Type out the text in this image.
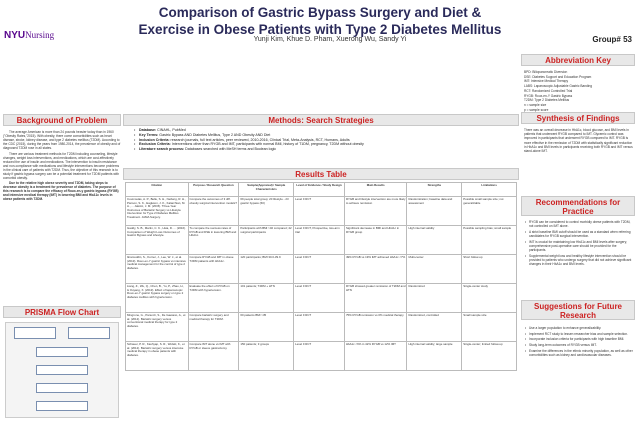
Comparison of Gastric Bypass Surgery and Diet &
Exercise in Obese Patients with Type 2 Diabetes Mellitus
NYUNursing	Yunji Kim, Khue D. Pham, Xuerong Wu, Sandy Yi	Group# 53
Background of Problem

The average American is more than 24 pounds heavier today than in 1960 ("Obesity Rates,"2015). With obesity, there come comorbidities such as heart disease, stroke, kidney disease, and type 2 diabetes mellitus (T2DM). According to the CDC (2015), during the years from 1980-2014, the prevalence of obesity and of diagnosed T2DM rose in all states.

There are various treatment methods for T2DM including counseling, lifestyle changes, weight loss interventions, and medications, which are cost-effectively reduced the use of insulin and medications. The intervention to insulin resistance and non-compliance with medications and lifestyle interventions become problems in the clinical care of patients with T2DM. Thus, the objective of this research is to study if gastric bypass surgery can be a potential treatment for T2DM patients with comorbid obesity.

Due to the relative high obese severity and T2DM, taking steps to decrease obesity is a treatment for prevalence of diabetes. The purpose of this research is to compare the efficacy of Roux-en-y gastric bypass (RYGB) and intensive medical therapy (IMT) in lowering BMI and HbA1c levels in obese patients with T2DM.

PRISMA Flow Chart
Methods: Search Strategies
• Database: CINAHL, PubMed
• Key Terms: Gastric Bypass AND Diabetes Mellitus, Type 2 AND Obesity AND Diet
• Inclusion Criteria: research journals, full text articles, peer reviewed, 2010-2016, Clinical Trial, Meta-Analysis, RCT, Humans, Adults
• Exclusion Criteria: Interventions other than RYGB and IMT, participants with normal BMI, history of T1DM, pregnancy, T2DM without obesity
• Literature search process: Databases searched with MeSH terms and Boolean logic
Results Table
Citation	Purpose / Research Question	Sample(Appraisal) / Sample Characteristics	Level of Evidence / Study Design	Main Results	Strengths	Limitations
Courcoulas, A. P., Belle, S. H., Neiberg, R. H., Pierson, S. K., Eagleton, J. K., Kalarchian, M. A., ... Jakicic, J. M. (2015). Three-Year Outcomes of Bariatric Surgery vs Lifestyle Intervention for Type 2 Diabetes Mellitus Treatment. JAMA Surgery.	Compare the outcomes of 3 diff. obesity surgical intervention models?	69 people total group; 20 lifestyle - 23 gastric bypass (60)	Level II RCT	RYGB and lifestyle intervention are more likely to achieve remission	Randomization; baseline data and assessment	Possible small sample size; not generalizable
Gaddy, S. B., Martin, C. K., Hsia, D. ... (2016). Comparison of Weight Loss Outcomes of Gastric Bypass and Lifestyle.	To compare the success rates of RYGB and DSE in lowering BMI and HbA1c.	Participants with BMI >40 compared; 42 surgical participants	Level II RCT, Prospective, two-arm trial	Significant decrease in BMI and HbA1c in RYGB group	High internal validity	Possible sampling bias; small sample
Ikramuddin, S., Korner, J., Lee, W. J., et al. (2013). Roux-en-Y gastric bypass vs intensive medical management for the control of type 2 diabetes.	Compare RYGB and IMT in obese T2DM patients with HbA1c.	120 participants; BMI 30.0-39.9	Level II RCT	49% RYGB vs 19% IMT achieved HbA1c <7%	Multi-center	Short follow-up
Liang, Z., Wu, Q., Chen, B., Yu, P., Zhao, H., & Ouyang, X. (2013). Effect of laparoscopic Roux-en-Y gastric bypass surgery on type 2 diabetes mellitus with hypertension.	Evaluate the effect of RYGB on T2DM with hypertension.	101 patients; T2DM + HTN	Level II RCT	RYGB showed greater remission of T2DM and HTN	Randomized	Single-center study
Mingrone, G., Panunzi, S., De Gaetano, A., et al. (2012). Bariatric surgery versus conventional medical therapy for type 2 diabetes.	Compare bariatric surgery and medical therapy for T2DM.	60 patients BMI >35	Level II RCT	75% RYGB remission vs 0% medical therapy	Randomized, controlled	Small sample size
Schauer, P. R., Kashyap, S. R., Wolski, K., et al. (2012). Bariatric surgery versus intensive medical therapy in obese patients with diabetes.	Compare IMT alone vs IMT with RYGB or sleeve gastrectomy.	150 patients; 3 groups	Level II RCT	HbA1c <6% in 42% RYGB vs 12% IMT	High internal validity; large sample	Single-center; limited follow-up
Abbreviation Key
BPD: Biliopancreatic Diversion
DSE: Diabetes Support and Education Program
IMT: Intensive Medical Therapy
LABS: Laparoscopic Adjustable Gastric Banding
RCT: Randomized Controlled Trial
RYGB: Roux-en-Y Gastric Bypass
T2DM: Type 2 Diabetes Mellitus
n = sample size
p = sample score
Synthesis of Findings
There was an overall decrease in HbA1c, blood glucose, and BMI levels in patients that underwent RYGB compared to IMT. Glycemic control was improved in participants that underwent RYGB compared to IMT. RYGB is more effective in the remission of T2DM with statistically significant reduction in HbA1c and BMI levels in participants receiving both RYGB and IMT versus stand-alone IMT.
Recommendations for Practice
• RYGB can be considered to control morbidly obese patients with T2DM, not controlled on IMT alone.
• A strict baseline BMI cutoff should be used as a standard when referring candidates for RYGB surgical intervention.
• IMT is crucial for maintaining low HbA1c and BMI levels after surgery; comprehensive post-operative care should be provided for the participants.
• Supplemental weight loss and healthy lifestyle intervention should be provided to patients who undergo surgery that did not achieve significant changes in their HbA1c and BMI levels.
Suggestions for Future Research
• Use a larger population to enhance generalizability.
• Implement RCT study to lessen researcher bias and sample selection.
• Incorporate inclusion criteria for participants with high baseline BMI.
• Study long-term outcomes of RYGB versus IMT.
• Examine the differences in the ethnic minority population, as well as other comorbidities such as kidney and cardiovascular diseases.
